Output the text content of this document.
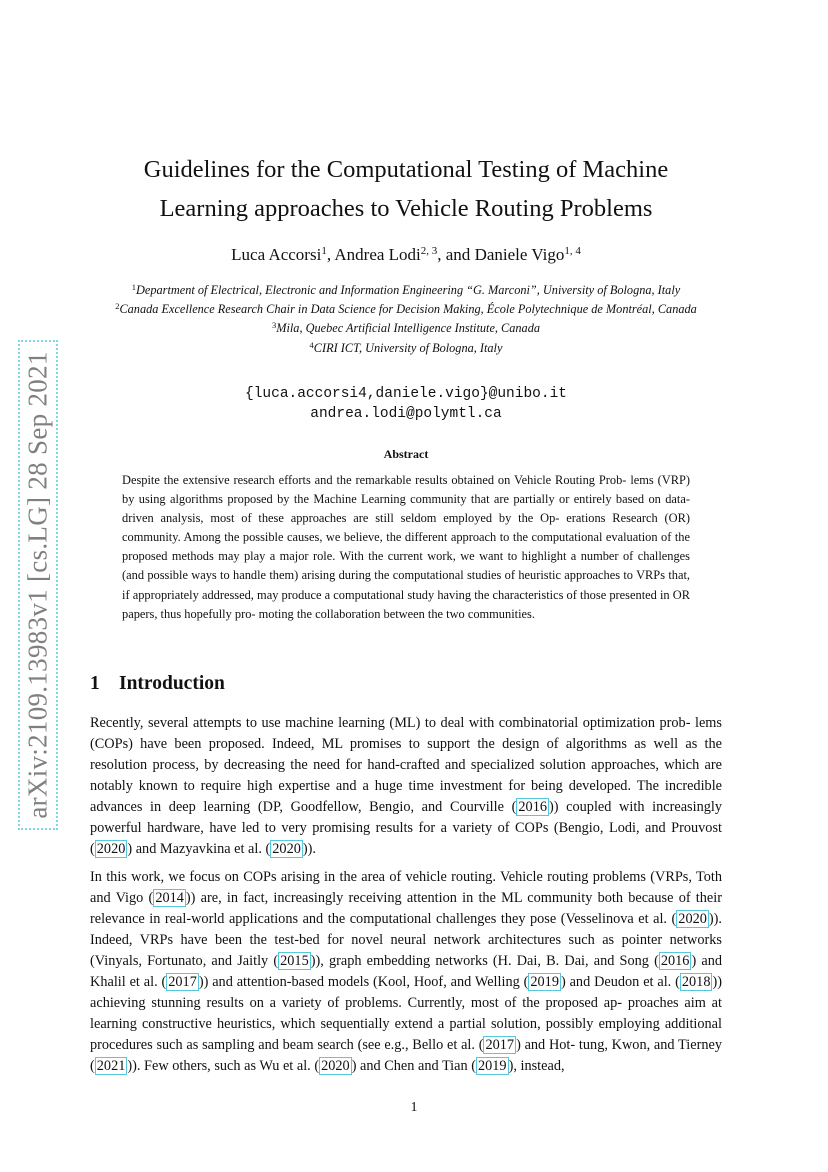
arXiv:2109.13983v1 [cs.LG] 28 Sep 2021
Guidelines for the Computational Testing of Machine
Learning approaches to Vehicle Routing Problems
Luca Accorsi$^1$, Andrea Lodi$^{2, 3}$, and Daniele Vigo$^{1, 4}$
$^1$Department of Electrical, Electronic and Information Engineering “G. Marconi”, University of Bologna, Italy
$^2$Canada Excellence Research Chair in Data Science for Decision Making, École Polytechnique de Montréal, Canada
$^3$Mila, Quebec Artificial Intelligence Institute, Canada
$^4$CIRI ICT, University of Bologna, Italy
{luca.accorsi4,daniele.vigo}@unibo.it
andrea.lodi@polymtl.ca
Abstract
Despite the extensive research efforts and the remarkable results obtained on Vehicle Routing Prob- lems (VRP) by using algorithms proposed by the Machine Learning community that are partially or entirely based on data-driven analysis, most of these approaches are still seldom employed by the Op- erations Research (OR) community. Among the possible causes, we believe, the different approach to the computational evaluation of the proposed methods may play a major role. With the current work, we want to highlight a number of challenges (and possible ways to handle them) arising during the computational studies of heuristic approaches to VRPs that, if appropriately addressed, may produce a computational study having the characteristics of those presented in OR papers, thus hopefully pro- moting the collaboration between the two communities.
1 Introduction
Recently, several attempts to use machine learning (ML) to deal with combinatorial optimization prob- lems (COPs) have been proposed. Indeed, ML promises to support the design of algorithms as well as the resolution process, by decreasing the need for hand-crafted and specialized solution approaches, which are notably known to require high expertise and a huge time investment for being developed. The incredible advances in deep learning (DP, Goodfellow, Bengio, and Courville ( 2016 )) coupled with increasingly powerful hardware, have led to very promising results for a variety of COPs (Bengio, Lodi, and Prouvost ( 2020 ) and Mazyavkina et al. ( 2020 )).
In this work, we focus on COPs arising in the area of vehicle routing. Vehicle routing problems (VRPs, Toth and Vigo ( 2014 )) are, in fact, increasingly receiving attention in the ML community both because of their relevance in real-world applications and the computational challenges they pose (Vesselinova et al. ( 2020 )). Indeed, VRPs have been the test-bed for novel neural network architectures such as pointer networks (Vinyals, Fortunato, and Jaitly ( 2015 )), graph embedding networks (H. Dai, B. Dai, and Song ( 2016 ) and Khalil et al. ( 2017 )) and attention-based models (Kool, Hoof, and Welling ( 2019 ) and Deudon et al. ( 2018 )) achieving stunning results on a variety of problems. Currently, most of the proposed ap- proaches aim at learning constructive heuristics, which sequentially extend a partial solution, possibly employing additional procedures such as sampling and beam search (see e.g., Bello et al. ( 2017 ) and Hot- tung, Kwon, and Tierney ( 2021 )). Few others, such as Wu et al. ( 2020 ) and Chen and Tian ( 2019 ), instead,
1
